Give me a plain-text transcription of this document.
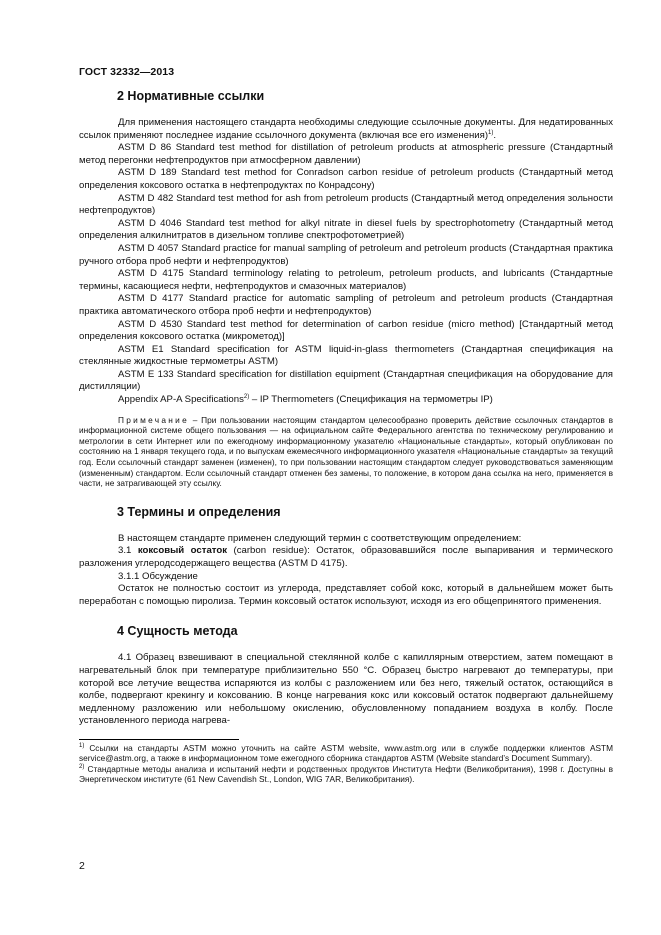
ГОСТ 32332—2013
2 Нормативные ссылки

Для применения настоящего стандарта необходимы следующие ссылочные документы. Для недатированных ссылок применяют последнее издание ссылочного документа (включая все его изменения)$^{1)}$.

ASTM D 86 Standard test method for distillation of petroleum products at atmospheric pressure (Стандартный метод перегонки нефтепродуктов при атмосферном давлении)

ASTM D 189 Standard test method for Conradson carbon residue of petroleum products (Стандартный метод определения коксового остатка в нефтепродуктах по Конрадсону)

ASTM D 482 Standard test method for ash from petroleum products (Стандартный метод определения зольности нефтепродуктов)

ASTM D 4046 Standard test method for alkyl nitrate in diesel fuels by spectrophotometry (Стандартный метод определения алкилнитратов в дизельном топливе спектрофотометрией)

ASTM D 4057 Standard practice for manual sampling of petroleum and petroleum products (Стандартная практика ручного отбора проб нефти и нефтепродуктов)

ASTM D 4175 Standard terminology relating to petroleum, petroleum products, and lubricants (Стандартные термины, касающиеся нефти, нефтепродуктов и смазочных материалов)

ASTM D 4177 Standard practice for automatic sampling of petroleum and petroleum products (Стандартная практика автоматического отбора проб нефти и нефтепродуктов)

ASTM D 4530 Standard test method for determination of carbon residue (micro method) [Стандартный метод определения коксового остатка (микрометод)]

ASTM E1 Standard specification for ASTM liquid-in-glass thermometers (Стандартная спецификация на стеклянные жидкостные термометры ASTM)

ASTM E 133 Standard specification for distillation equipment (Стандартная спецификация на оборудование для дистилляции)

Appendix AP-A Specifications$^{2)}$ – IP Thermometers (Спецификация на термометры IP)

Примечание – При пользовании настоящим стандартом целесообразно проверить действие ссылочных стандартов в информационной системе общего пользования — на официальном сайте Федерального агентства по техническому регулированию и метрологии в сети Интернет или по ежегодному информационному указателю «Национальные стандарты», который опубликован по состоянию на 1 января текущего года, и по выпускам ежемесячного информационного указателя «Национальные стандарты» за текущий год. Если ссылочный стандарт заменен (изменен), то при пользовании настоящим стандартом следует руководствоваться заменяющим (измененным) стандартом. Если ссылочный стандарт отменен без замены, то положение, в котором дана ссылка на него, применяется в части, не затрагивающей эту ссылку.

3 Термины и определения

В настоящем стандарте применен следующий термин с соответствующим определением:

3.1 коксовый остаток (carbon residue): Остаток, образовавшийся после выпаривания и термического разложения углеродсодержащего вещества (ASTM D 4175).

3.1.1 Обсуждение

Остаток не полностью состоит из углерода, представляет собой кокс, который в дальнейшем может быть переработан с помощью пиролиза. Термин коксовый остаток используют, исходя из его общепринятого применения.

4 Сущность метода

4.1 Образец взвешивают в специальной стеклянной колбе с капиллярным отверстием, затем помещают в нагревательный блок при температуре приблизительно 550 °С. Образец быстро нагревают до температуры, при которой все летучие вещества испаряются из колбы с разложением или без него, тяжелый остаток, остающийся в колбе, подвергают крекингу и коксованию. В конце нагревания кокс или коксовый остаток подвергают дальнейшему медленному разложению или небольшому окислению, обусловленному попаданием воздуха в колбу. После установленного периода нагрева-

$^{1)}$ Ссылки на стандарты ASTM можно уточнить на сайте ASTM website, www.astm.org или в службе поддержки клиентов ASTM service@astm.org, а также в информационном томе ежегодного сборника стандартов ASTM (Website standard’s Document Summary).

$^{2)}$ Стандартные методы анализа и испытаний нефти и родственных продуктов Института Нефти (Великобритания), 1998 г. Доступны в Энергетическом институте (61 New Cavendish St., London, WIG 7AR, Великобритания).

2
